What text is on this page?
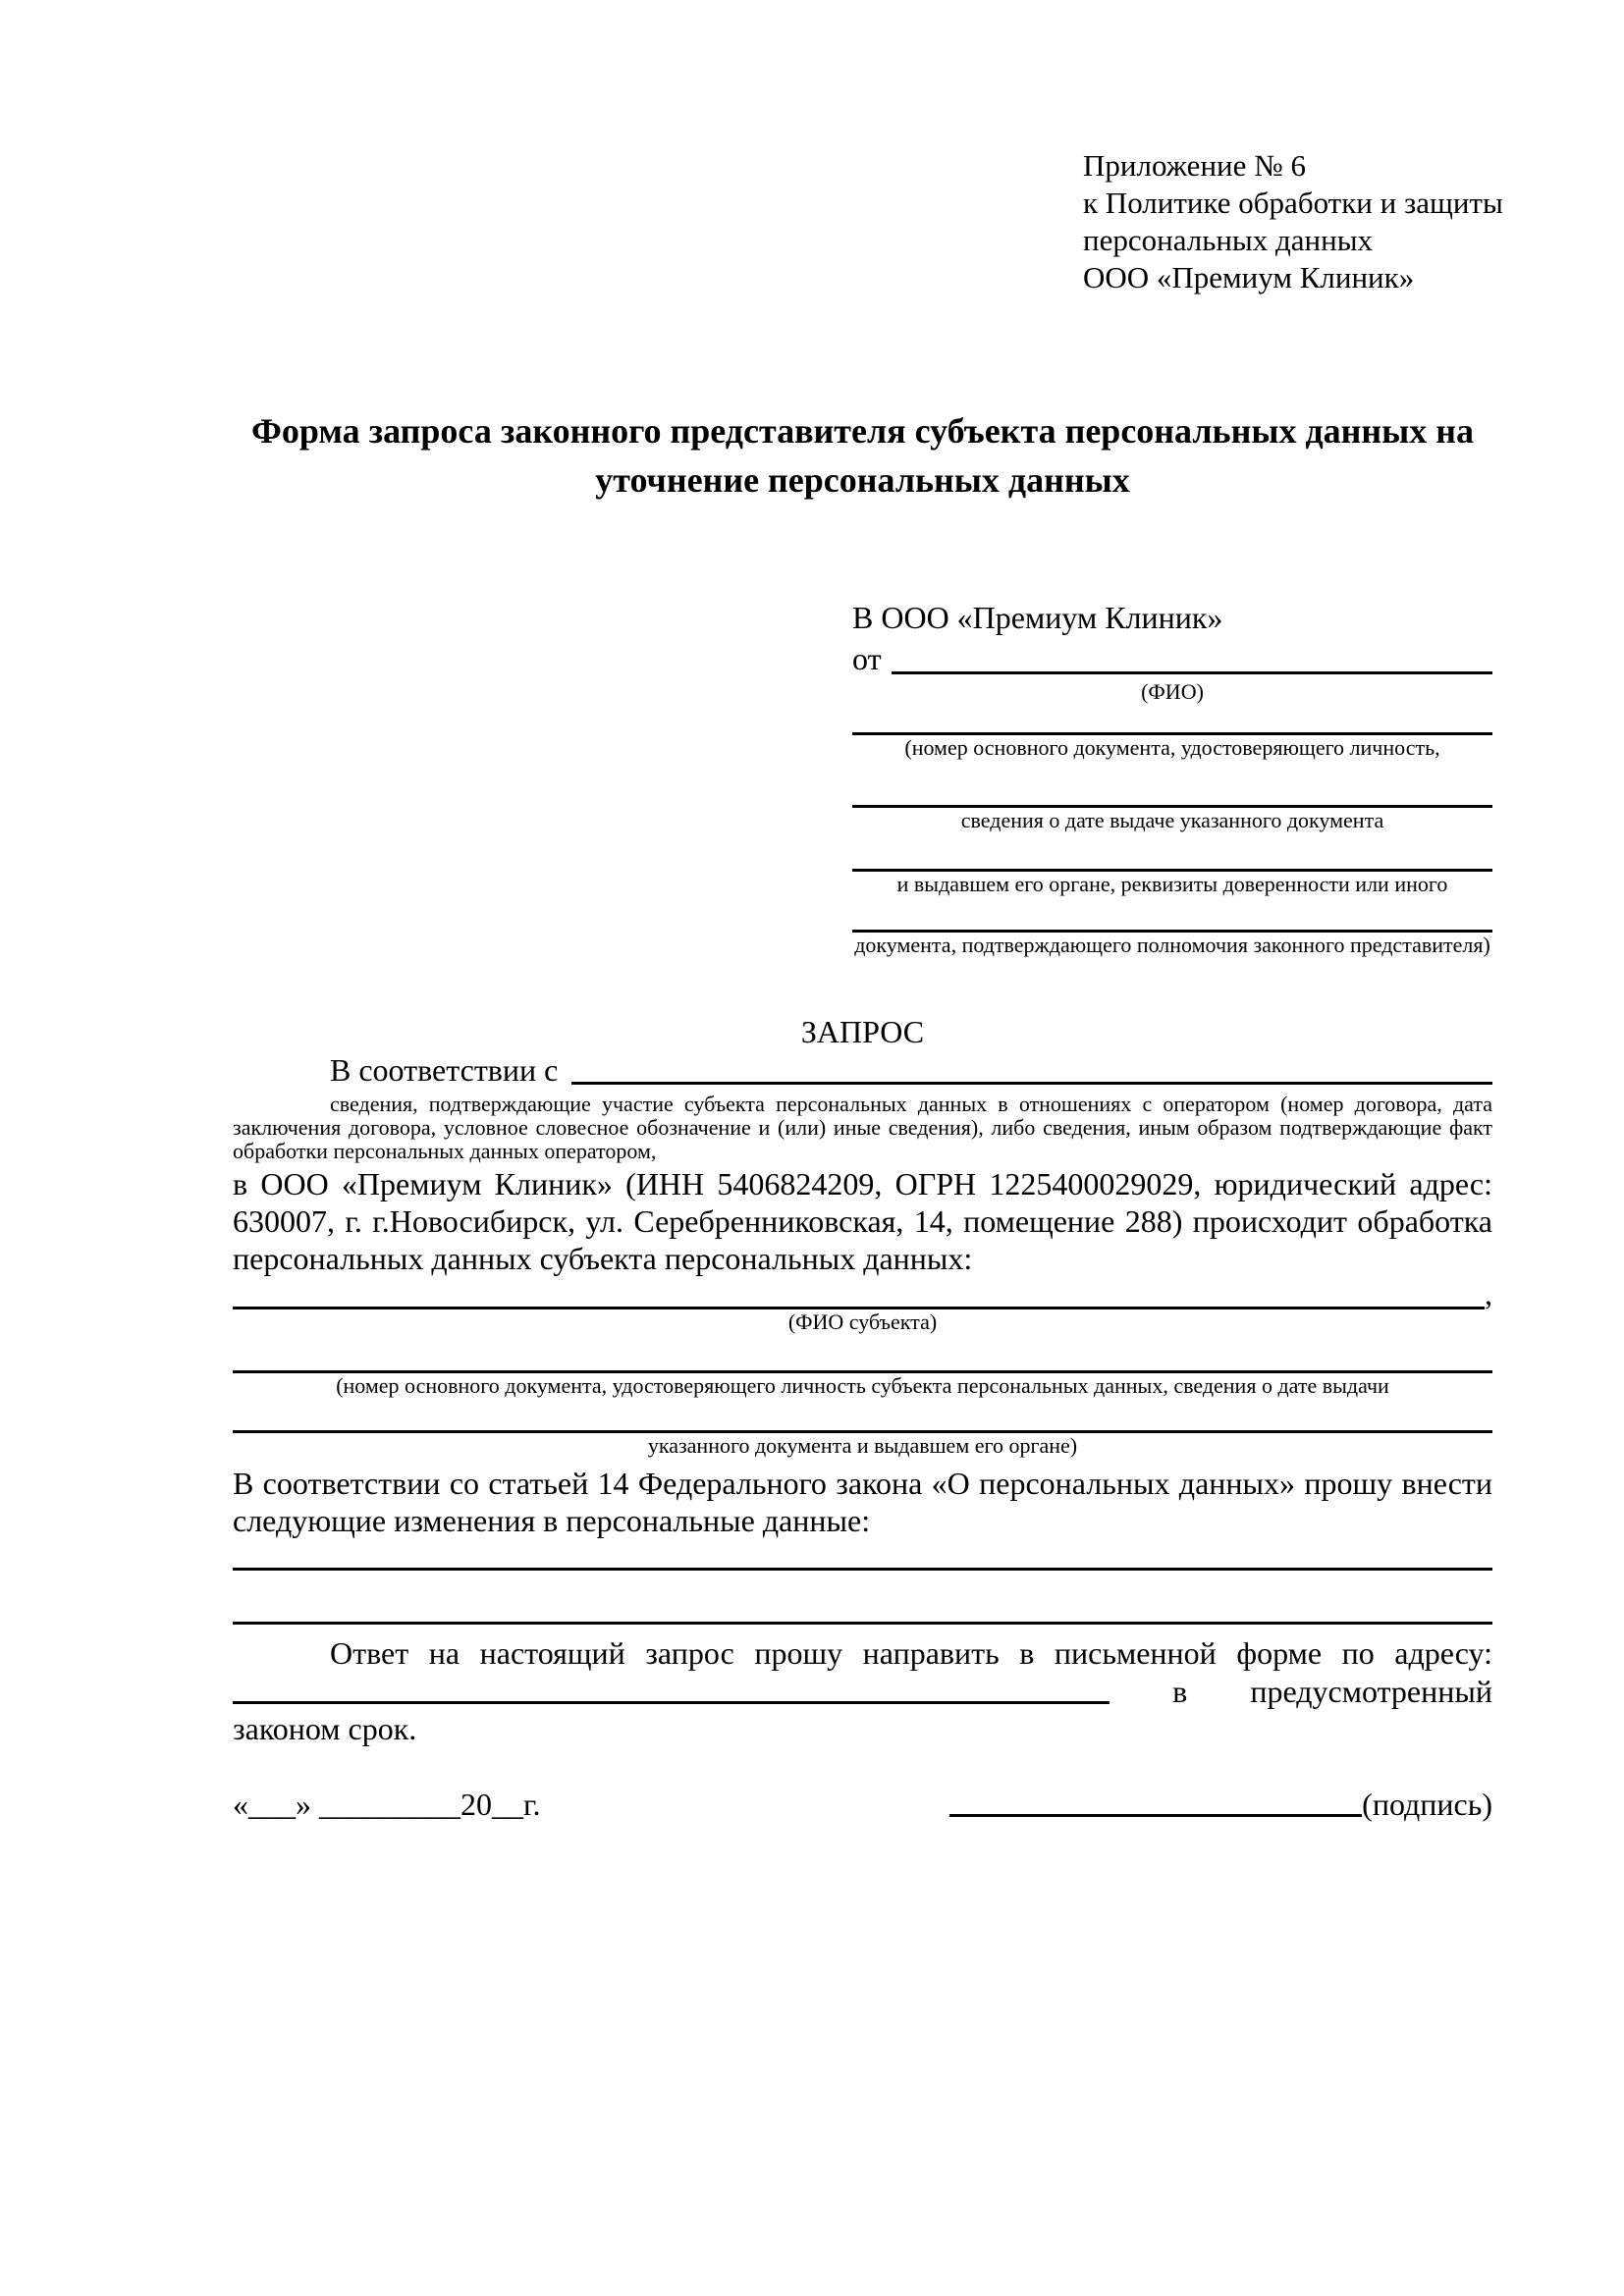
Приложение № 6
к Политике обработки и защиты
персональных данных
ООО «Премиум Клиник»
Форма запроса законного представителя субъекта персональных данных на уточнение персональных данных
В ООО «Премиум Клиник»
от
(ФИО)
(номер основного документа, удостоверяющего личность,
сведения о дате выдаче указанного документа
и выдавшем его органе, реквизиты доверенности или иного
документа, подтверждающего полномочия законного представителя)
ЗАПРОС
В соответствии с
сведения, подтверждающие участие субъекта персональных данных в отношениях с оператором (номер договора, дата заключения договора, условное словесное обозначение и (или) иные сведения), либо сведения, иным образом подтверждающие факт обработки персональных данных оператором,
в ООО «Премиум Клиник» (ИНН 5406824209, ОГРН 1225400029029, юридический адрес: 630007, г. г.Новосибирск, ул. Серебренниковская, 14, помещение 288) происходит обработка персональных данных субъекта персональных данных:
,
(ФИО субъекта)
(номер основного документа, удостоверяющего личность субъекта персональных данных, сведения о дате выдачи
указанного документа и выдавшем его органе)
В соответствии со статьей 14 Федерального закона «О персональных данных» прошу внести следующие изменения в персональные данные:
Ответ на настоящий запрос прошу направить в письменной форме по адресу:
в предусмотренный
законом срок.
«___» _________20__г.	(подпись)
